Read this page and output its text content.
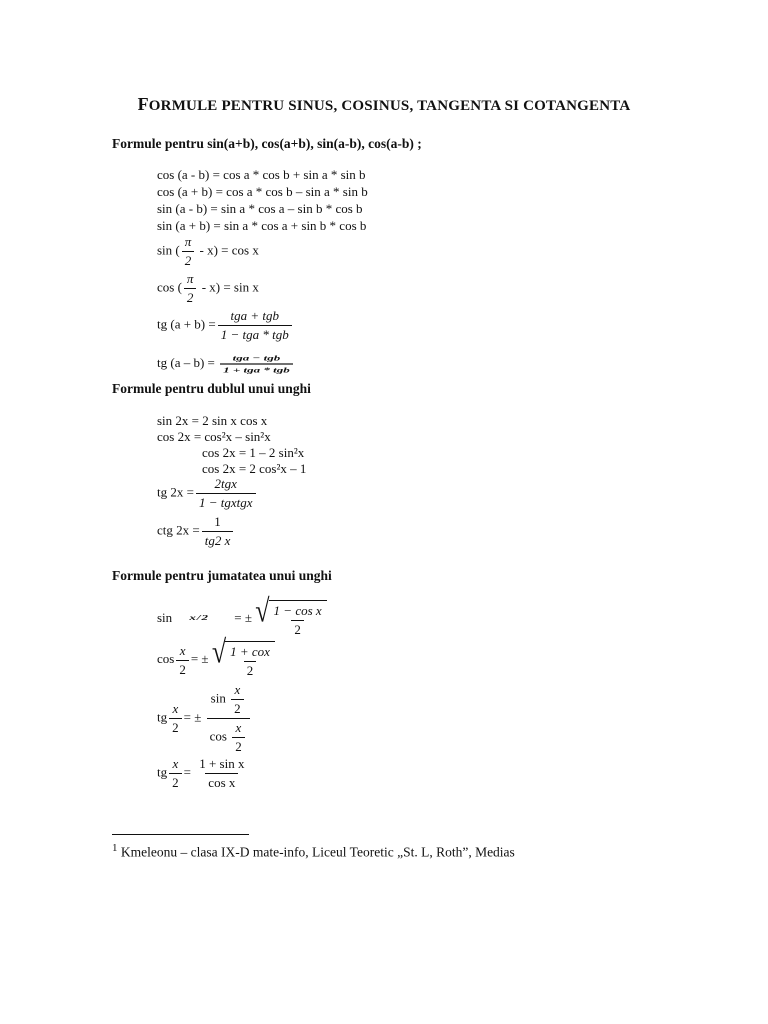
FORMULE PENTRU SINUS, COSINUS, TANGENTA SI COTANGENTA
Formule pentru sin(a+b), cos(a+b), sin(a-b), cos(a-b) ;
cos (a - b) = cos a * cos b + sin a * sin b
cos (a + b) = cos a * cos b – sin a * sin b
sin (a - b) = sin a * cos a – sin b * cos b
sin (a + b) = sin a * cos a + sin b * cos b
sin ( $\frac{\pi}{2} - x) = \cos x$
cos ( $\frac{\pi}{2} - x) = \sin x$
tg $(a + b) = \frac{\text{tga + tgb}}{\text{1 − tga * tgb}}$
tg $(a - b) = \frac{\text{tga − tgb}}{\text{1 + tga * tgb}}$
Formule pentru dublul unui unghi
sin 2x = 2 sin x cos x
cos 2x = cos²x – sin²x
cos 2x = 1 – 2 sin²x
cos 2x = 2 cos²x – 1
tg $2x = \frac{\text{2tgx}}{\text{1 − tgxtgx}}$
ctg $2x = \frac{1}{tg2 x}$
Formule pentru jumatatea unui unghi
sin x/2 = ± √ $\frac{\text{1 − cos x}}{2}$
$\cos \frac{x}{2}$ = ± √ $\frac{\text{1 + cox}}{2}$
tg $\frac{x}{2}$ = ± $\frac{\sin \frac{x}{2}}{\cos \frac{x}{2}}$
tg $\frac{x}{2} = \frac{\text{1 + sin x}}{\text{cos x}}$
$^1$ Kmeleonu – clasa IX-D mate-info, Liceul Teoretic „St. L, Roth”, Medias
